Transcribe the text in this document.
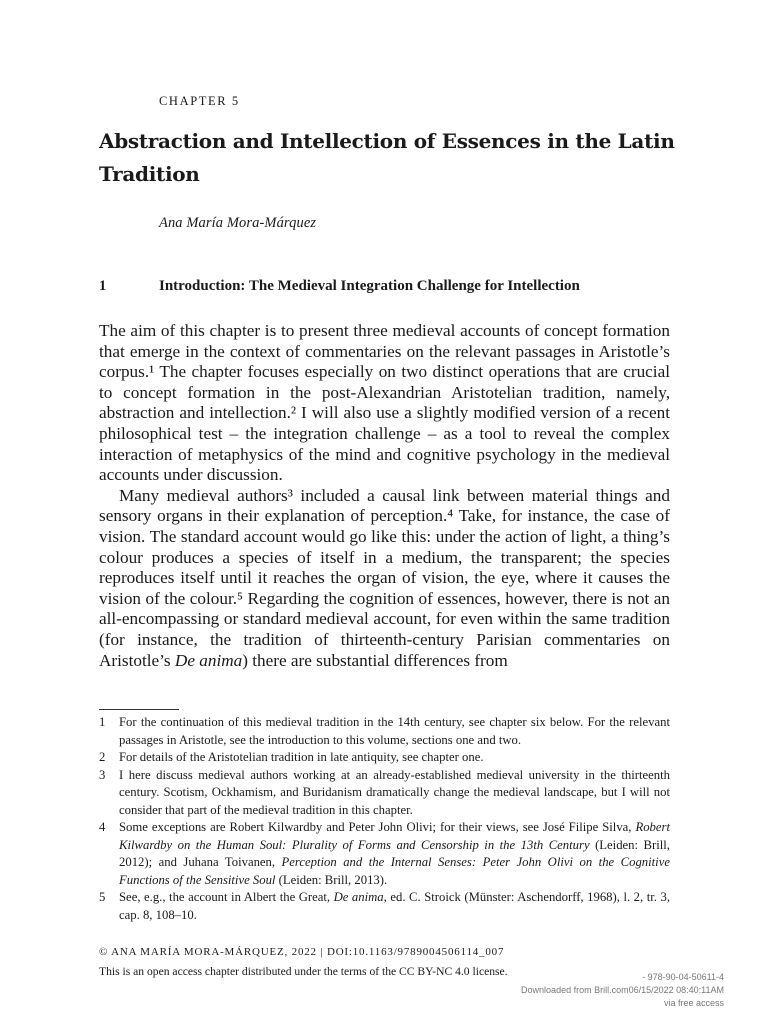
CHAPTER 5
Abstraction and Intellection of Essences in the Latin Tradition
Ana María Mora-Márquez
1	Introduction: The Medieval Integration Challenge for Intellection

The aim of this chapter is to present three medieval accounts of concept formation that emerge in the context of commentaries on the relevant passages in Aristotle’s corpus.¹ The chapter focuses especially on two distinct operations that are crucial to concept formation in the post-Alexandrian Aristotelian tradition, namely, abstraction and intellection.² I will also use a slightly modified version of a recent philosophical test – the integration challenge – as a tool to reveal the complex interaction of metaphysics of the mind and cognitive psychology in the medieval accounts under discussion.

Many medieval authors³ included a causal link between material things and sensory organs in their explanation of perception.⁴ Take, for instance, the case of vision. The standard account would go like this: under the action of light, a thing’s colour produces a species of itself in a medium, the transparent; the species reproduces itself until it reaches the organ of vision, the eye, where it causes the vision of the colour.⁵ Regarding the cognition of essences, however, there is not an all-encompassing or standard medieval account, for even within the same tradition (for instance, the tradition of thirteenth-century Parisian commentaries on Aristotle’s De anima) there are substantial differences from

1	For the continuation of this medieval tradition in the 14th century, see chapter six below. For the relevant passages in Aristotle, see the introduction to this volume, sections one and two.
2	For details of the Aristotelian tradition in late antiquity, see chapter one.
3	I here discuss medieval authors working at an already-established medieval university in the thirteenth century. Scotism, Ockhamism, and Buridanism dramatically change the medieval landscape, but I will not consider that part of the medieval tradition in this chapter.
4	Some exceptions are Robert Kilwardby and Peter John Olivi; for their views, see José Filipe Silva, Robert Kilwardby on the Human Soul: Plurality of Forms and Censorship in the 13th Century (Leiden: Brill, 2012); and Juhana Toivanen, Perception and the Internal Senses: Peter John Olivi on the Cognitive Functions of the Sensitive Soul (Leiden: Brill, 2013).
5	See, e.g., the account in Albert the Great, De anima, ed. C. Stroick (Münster: Aschendorff, 1968), l. 2, tr. 3, cap. 8, 108–10.
© ANA MARÍA MORA-MÁRQUEZ, 2022 | DOI:10.1163/9789004506114_007
This is an open access chapter distributed under the terms of the CC BY-NC 4.0 license.	- 978-90-04-50611-4
Downloaded from Brill.com06/15/2022 08:40:11AM
via free access
